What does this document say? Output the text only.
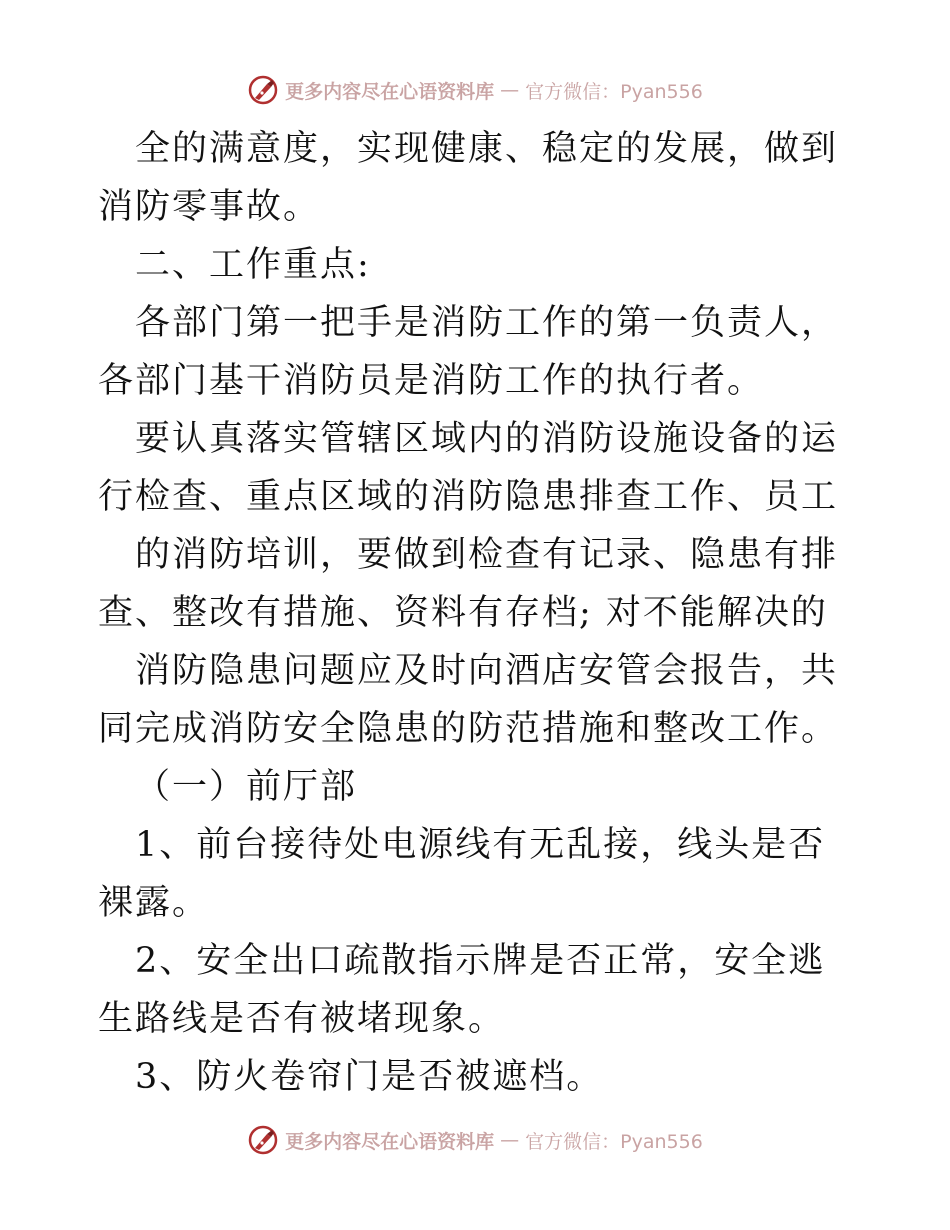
更多内容尽在心语资料库 — 官方微信：Pyan556

全的满意度，实现健康、稳定的发展，做到消防零事故。

二、工作重点:

各部门第一把手是消防工作的第一负责人，各部门基干消防员是消防工作的执行者。

要认真落实管辖区域内的消防设施设备的运行检查、重点区域的消防隐患排查工作、员工

的消防培训，要做到检查有记录、隐患有排查、整改有措施、资料有存档; 对不能解决的

消防隐患问题应及时向酒店安管会报告，共同完成消防安全隐患的防范措施和整改工作。

（一）前厅部

1、前台接待处电源线有无乱接，线头是否裸露。

2、安全出口疏散指示牌是否正常，安全逃生路线是否有被堵现象。

3、防火卷帘门是否被遮档。

更多内容尽在心语资料库 — 官方微信：Pyan556
